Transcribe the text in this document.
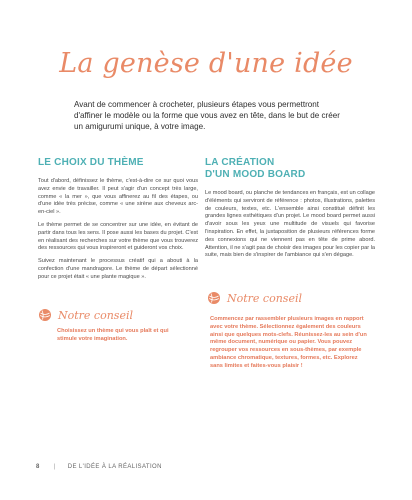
La genèse d'une idée
Avant de commencer à crocheter, plusieurs étapes vous permettront d'affiner le modèle ou la forme que vous avez en tête, dans le but de créer un amigurumi unique, à votre image.
LE CHOIX DU THÈME

Tout d'abord, définissez le thème, c'est-à-dire ce sur quoi vous avez envie de travailler. Il peut s'agir d'un concept très large, comme « la mer », que vous affinerez au fil des étapes, ou d'une idée très précise, comme « une sirène aux cheveux arc-en-ciel ».

Le thème permet de se concentrer sur une idée, en évitant de partir dans tous les sens. Il pose aussi les bases du projet. C'est en réalisant des recherches sur votre thème que vous trouverez des ressources qui vous inspireront et guideront vos choix.

Suivez maintenant le processus créatif qui a abouti à la confection d'une mandragore. Le thème de départ sélectionné pour ce projet était « une plante magique ».

Notre conseil
Choisissez un thème qui vous plaît et qui stimule votre imagination.
LA CRÉATION
D'UN MOOD BOARD

Le mood board, ou planche de tendances en français, est un collage d'éléments qui serviront de référence : photos, illustrations, palettes de couleurs, textes, etc. L'ensemble ainsi constitué définit les grandes lignes esthétiques d'un projet. Le mood board permet aussi d'avoir sous les yeux une multitude de visuels qui favorise l'inspiration. En effet, la juxtaposition de plusieurs références forme des connexions qui ne viennent pas en tête de prime abord. Attention, il ne s'agit pas de choisir des images pour les copier par la suite, mais bien de s'inspirer de l'ambiance qui s'en dégage.

Notre conseil
Commencez par rassembler plusieurs images en rapport avec votre thème. Sélectionnez également des couleurs ainsi que quelques mots-clefs. Réunissez-les au sein d'un même document, numérique ou papier. Vous pouvez regrouper vos ressources en sous-thèmes, par exemple ambiance chromatique, textures, formes, etc. Explorez sans limites et faites-vous plaisir !
8 | DE L'IDÉE À LA RÉALISATION
